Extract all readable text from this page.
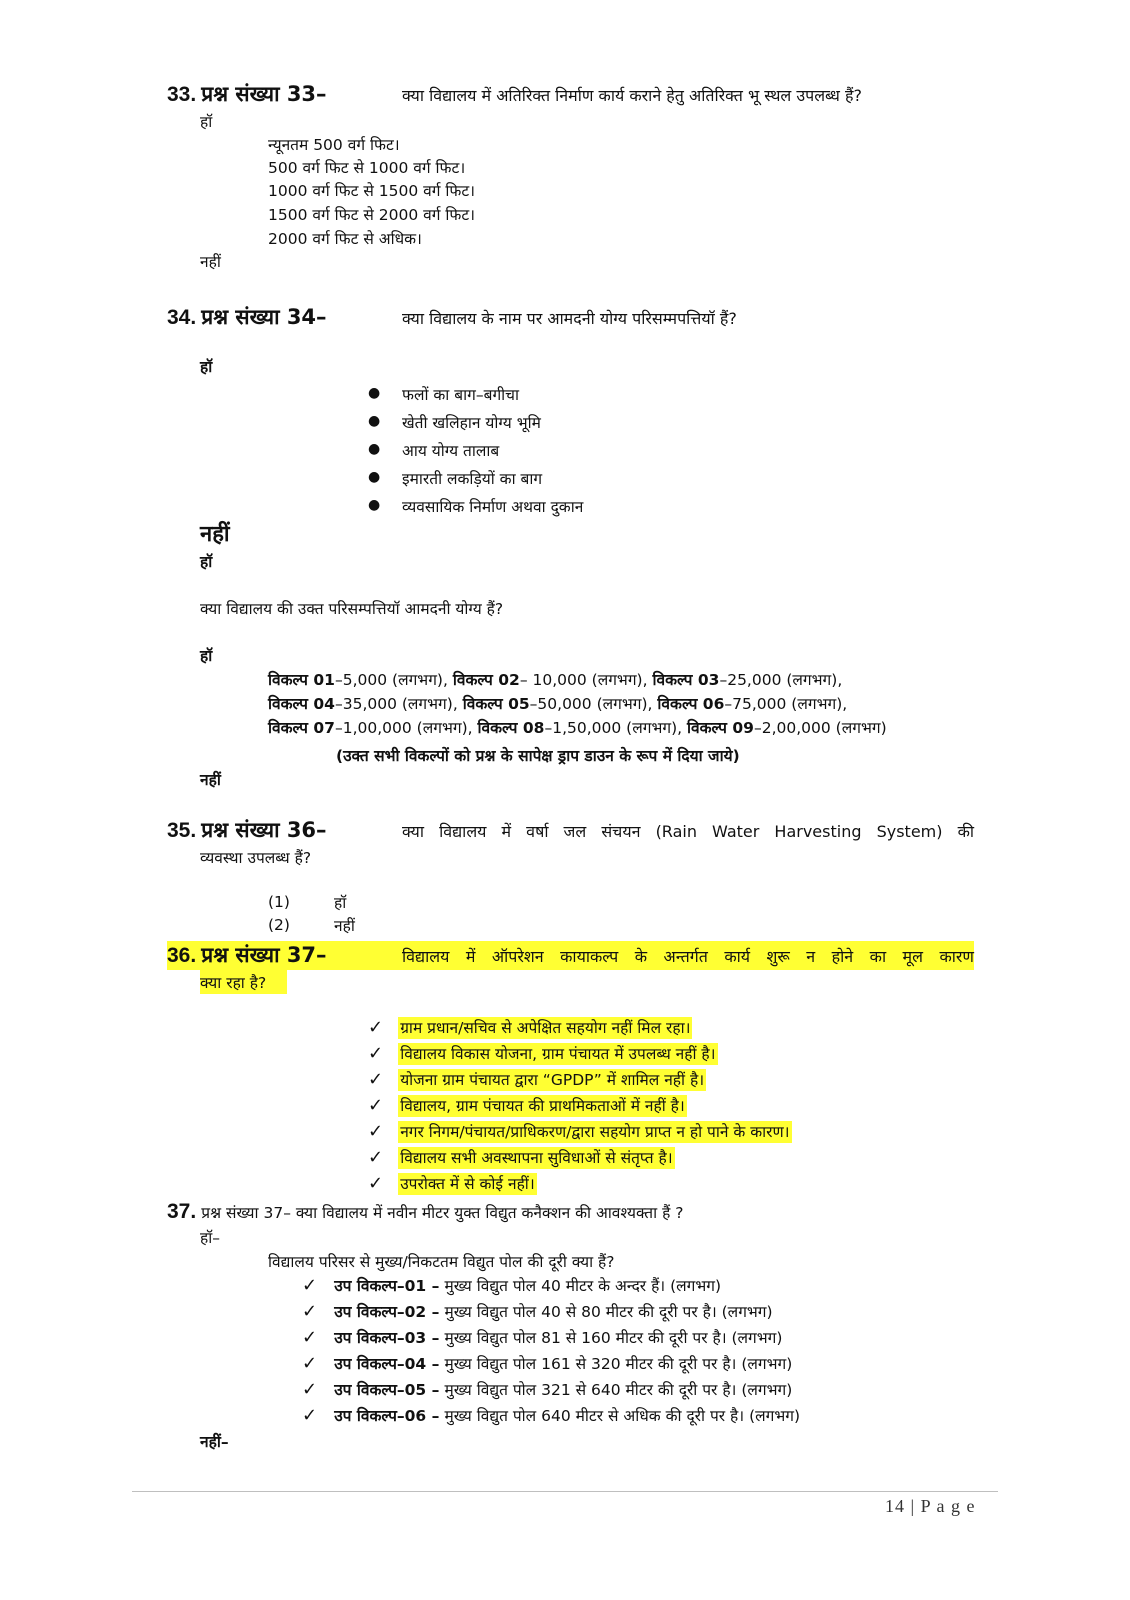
33. प्रश्न संख्या 33–	क्या विद्यालय में अतिरिक्त निर्माण कार्य कराने हेतु अतिरिक्त भू स्थल उपलब्ध हैं?
हॉ
न्यूनतम 500 वर्ग फिट।
500 वर्ग फिट से 1000 वर्ग फिट।
1000 वर्ग फिट से 1500 वर्ग फिट।
1500 वर्ग फिट से 2000 वर्ग फिट।
2000 वर्ग फिट से अधिक।
नहीं
34. प्रश्न संख्या 34–	क्या विद्यालय के नाम पर आमदनी योग्य परिसम्मपत्तियॉ हैं?
हॉ
● फलों का बाग–बगीचा
● खेती खलिहान योग्य भूमि
● आय योग्य तालाब
● इमारती लकड़ियों का बाग
● व्यवसायिक निर्माण अथवा दुकान
नहीं
हॉ
क्या विद्यालय की उक्त परिसम्पत्तियॉ आमदनी योग्य हैं?
हॉ
विकल्प 01–5,000 (लगभग), विकल्प 02– 10,000 (लगभग), विकल्प 03–25,000 (लगभग),
विकल्प 04–35,000 (लगभग), विकल्प 05–50,000 (लगभग), विकल्प 06–75,000 (लगभग),
विकल्प 07–1,00,000 (लगभग), विकल्प 08–1,50,000 (लगभग), विकल्प 09–2,00,000 (लगभग)
(उक्त सभी विकल्पों को प्रश्न के सापेक्ष ड्राप डाउन के रूप में दिया जाये)
नहीं
35. प्रश्न संख्या 36–	क्या विद्यालय में वर्षा जल संचयन (Rain Water Harvesting System) की
व्यवस्था उपलब्ध हैं?
(1)	हॉ
(2)	नहीं
36. प्रश्न संख्या 37–	विद्यालय में ऑपरेशन कायाकल्प के अन्तर्गत कार्य शुरू न होने का मूल कारण
क्या रहा है?
✓ ग्राम प्रधान/सचिव से अपेक्षित सहयोग नहीं मिल रहा।
✓ विद्यालय विकास योजना, ग्राम पंचायत में उपलब्ध नहीं है।
✓ योजना ग्राम पंचायत द्वारा “GPDP” में शामिल नहीं है।
✓ विद्यालय, ग्राम पंचायत की प्राथमिकताओं में नहीं है।
✓ नगर निगम/पंचायत/प्राधिकरण/द्वारा सहयोग प्राप्त न हो पाने के कारण।
✓ विद्यालय सभी अवस्थापना सुविधाओं से संतृप्त है।
✓ उपरोक्त में से कोई नहीं।
37. प्रश्न संख्या 37– क्या विद्यालय में नवीन मीटर युक्त विद्युत कनैक्शन की आवश्यक्ता हैं ?
हॉ–
विद्यालय परिसर से मुख्य/निकटतम विद्युत पोल की दूरी क्या हैं?
✓ उप विकल्प–01 – मुख्य विद्युत पोल 40 मीटर के अन्दर हैं। (लगभग)
✓ उप विकल्प–02 – मुख्य विद्युत पोल 40 से 80 मीटर की दूरी पर है। (लगभग)
✓ उप विकल्प–03 – मुख्य विद्युत पोल 81 से 160 मीटर की दूरी पर है। (लगभग)
✓ उप विकल्प–04 – मुख्य विद्युत पोल 161 से 320 मीटर की दूरी पर है। (लगभग)
✓ उप विकल्प–05 – मुख्य विद्युत पोल 321 से 640 मीटर की दूरी पर है। (लगभग)
✓ उप विकल्प–06 – मुख्य विद्युत पोल 640 मीटर से अधिक की दूरी पर है। (लगभग)
नहीं–
14 | P a g e
